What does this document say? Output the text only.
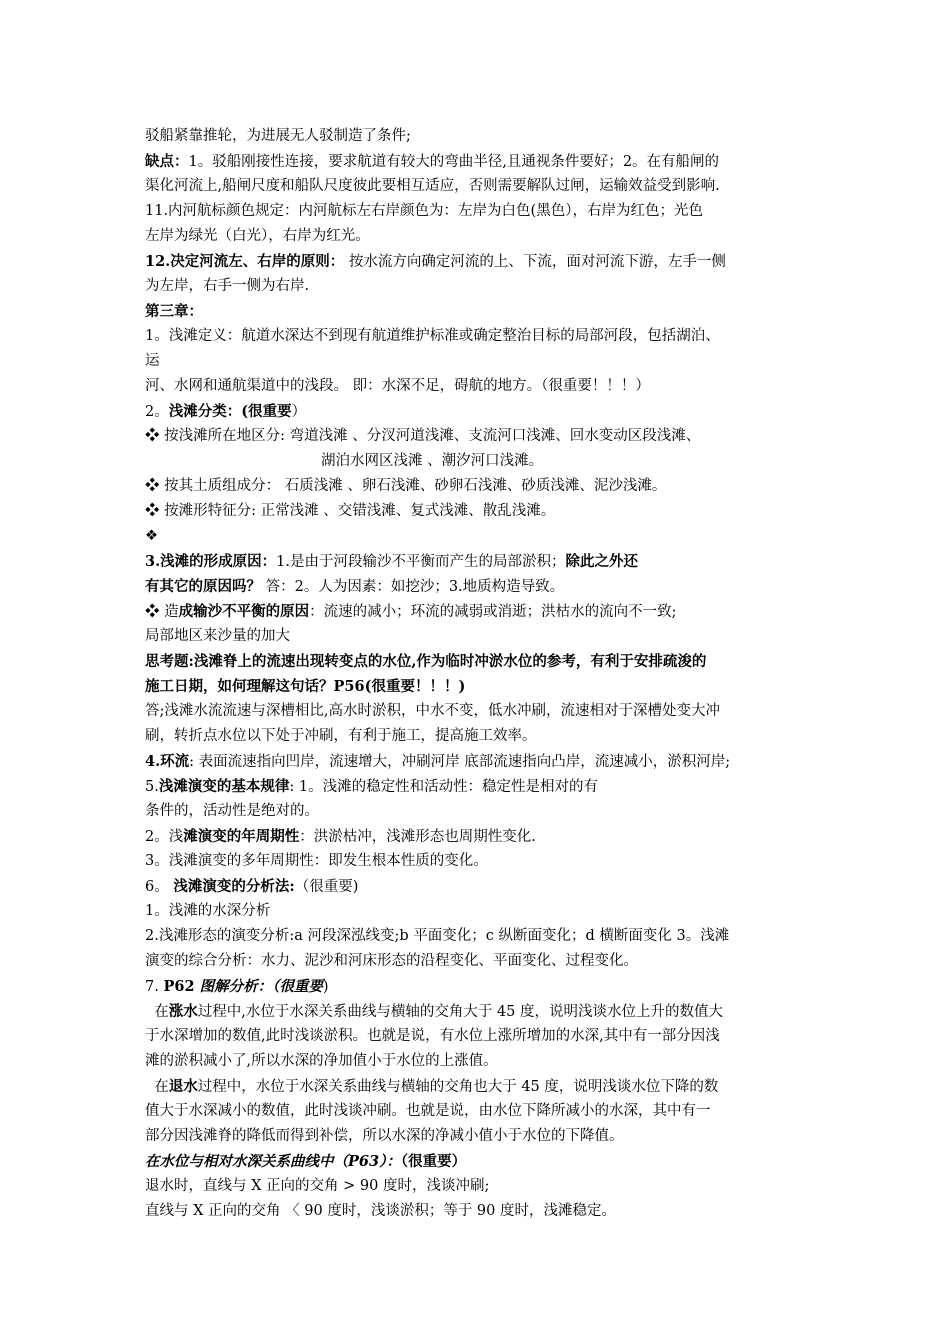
驳船紧靠推轮，为进展无人驳制造了条件;
缺点：1。驳船刚接性连接，要求航道有较大的弯曲半径,且通视条件要好；2。在有船闸的
渠化河流上,船闸尺度和船队尺度彼此要相互适应，否则需要解队过闸，运输效益受到影响.
11.内河航标颜色规定：内河航标左右岸颜色为：左岸为白色(黑色），右岸为红色；光色
左岸为绿光（白光），右岸为红光。
12.决定河流左、右岸的原则： 按水流方向确定河流的上、下流，面对河流下游，左手一侧
为左岸，右手一侧为右岸.
第三章：
1。浅滩定义：航道水深达不到现有航道维护标准或确定整治目标的局部河段，包括湖泊、
运
河、水网和通航渠道中的浅段。 即：水深不足，碍航的地方。（很重要！！！）
2。浅滩分类：(很重要）
❖ 按浅滩所在地区分: 弯道浅滩 、分汊河道浅滩、支流河口浅滩、回水变动区段浅滩、
湖泊水网区浅滩 、潮汐河口浅滩。
❖ 按其土质组成分： 石质浅滩 、卵石浅滩、砂卵石浅滩、砂质浅滩、泥沙浅滩。
❖ 按滩形特征分: 正常浅滩 、交错浅滩、复式浅滩、散乱浅滩。
❖
3.浅滩的形成原因：1.是由于河段输沙不平衡而产生的局部淤积；除此之外还
有其它的原因吗？ 答：2。人为因素：如挖沙；3.地质构造导致。
❖ 造成输沙不平衡的原因：流速的减小；环流的减弱或消逝；洪枯水的流向不一致;
局部地区来沙量的加大
思考题:浅滩脊上的流速出现转变点的水位,作为临时冲淤水位的参考，有利于安排疏浚的
施工日期，如何理解这句话？P56(很重要！！！)
答;浅滩水流流速与深槽相比,高水时淤积，中水不变，低水冲刷，流速相对于深槽处变大冲
刷，转折点水位以下处于冲刷，有利于施工，提高施工效率。
4.环流: 表面流速指向凹岸，流速增大，冲刷河岸 底部流速指向凸岸，流速减小，淤积河岸;
5.浅滩演变的基本规律: 1。浅滩的稳定性和活动性：稳定性是相对的有
条件的，活动性是绝对的。
2。浅滩演变的年周期性：洪淤枯冲，浅滩形态也周期性变化.
3。浅滩演变的多年周期性：即发生根本性质的变化。
6。 浅滩演变的分析法:（很重要)
1。浅滩的水深分析
2.浅滩形态的演变分析:a 河段深泓线变;b 平面变化；c 纵断面变化；d 横断面变化 3。浅滩
演变的综合分析：水力、泥沙和河床形态的沿程变化、平面变化、过程变化。
7. P62 图解分析：（很重要)
在涨水过程中,水位于水深关系曲线与横轴的交角大于 45 度，说明浅谈水位上升的数值大
于水深增加的数值,此时浅谈淤积。也就是说，有水位上涨所增加的水深,其中有一部分因浅
滩的淤积减小了,所以水深的净加值小于水位的上涨值。
在退水过程中，水位于水深关系曲线与横轴的交角也大于 45 度，说明浅谈水位下降的数
值大于水深减小的数值，此时浅谈冲刷。也就是说，由水位下降所减小的水深，其中有一
部分因浅滩脊的降低而得到补偿，所以水深的净减小值小于水位的下降值。
在水位与相对水深关系曲线中（P63）：（很重要）
退水时，直线与 X 正向的交角 > 90 度时，浅谈冲刷;
直线与 X 正向的交角 〈 90 度时，浅谈淤积；等于 90 度时，浅滩稳定。
